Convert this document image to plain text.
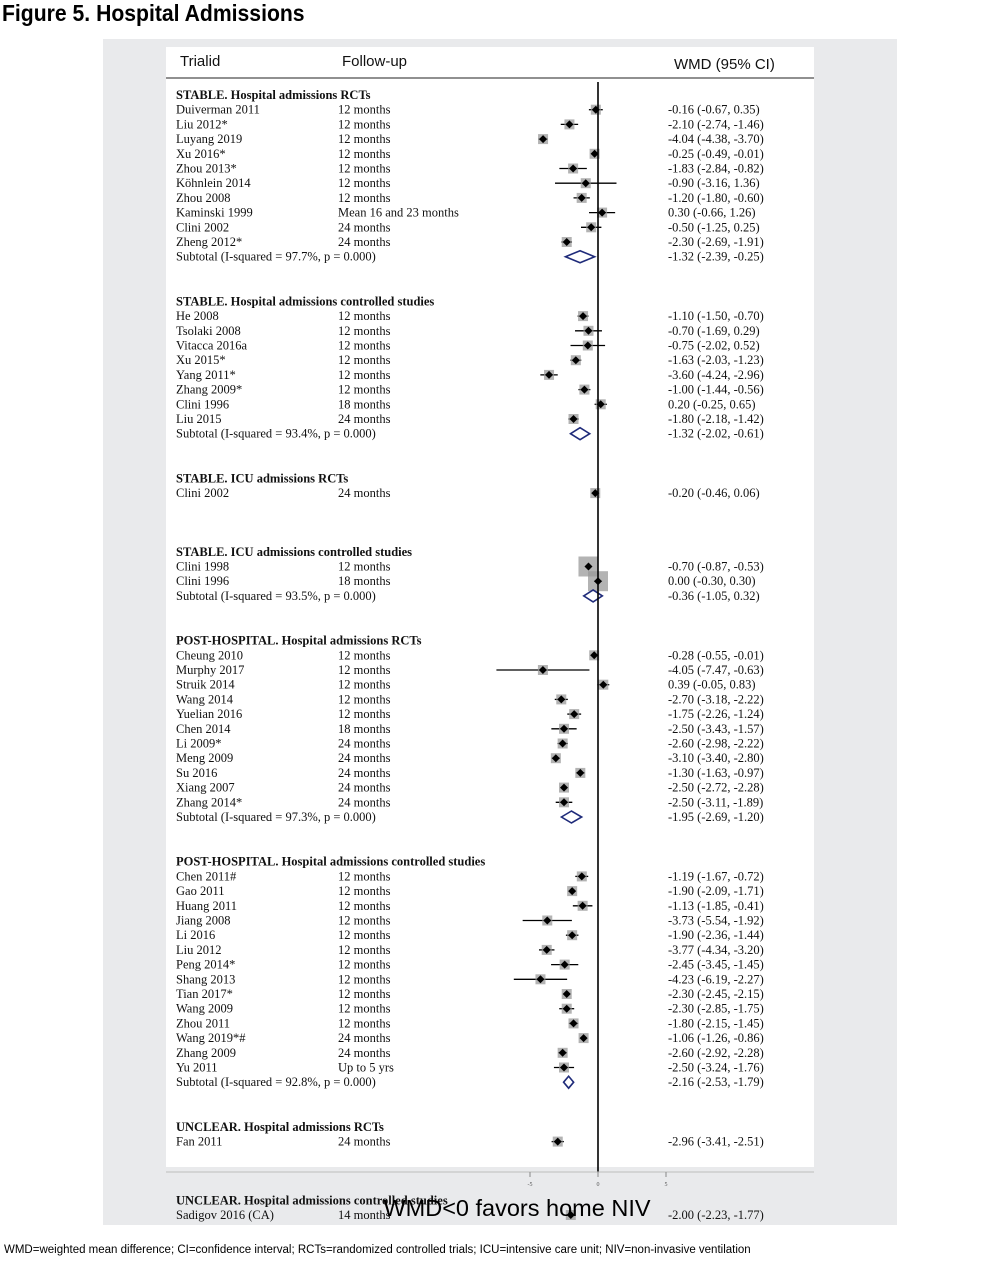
Figure 5. Hospital Admissions
Trialid	Follow-up	WMD (95% CI)
STABLE. Hospital admissions RCTs
Duiverman 2011	12 months	-0.16 (-0.67, 0.35)
Liu 2012*	12 months	-2.10 (-2.74, -1.46)
Luyang 2019	12 months	-4.04 (-4.38, -3.70)
Xu 2016*	12 months	-0.25 (-0.49, -0.01)
Zhou 2013*	12 months	-1.83 (-2.84, -0.82)
Köhnlein 2014	12 months	-0.90 (-3.16, 1.36)
Zhou 2008	12 months	-1.20 (-1.80, -0.60)
Kaminski 1999	Mean 16 and 23 months	0.30 (-0.66, 1.26)
Clini 2002	24 months	-0.50 (-1.25, 0.25)
Zheng 2012*	24 months	-2.30 (-2.69, -1.91)
Subtotal (I-squared = 97.7%, p = 0.000)	-1.32 (-2.39, -0.25)
STABLE. Hospital admissions controlled studies
He 2008	12 months	-1.10 (-1.50, -0.70)
Tsolaki 2008	12 months	-0.70 (-1.69, 0.29)
Vitacca 2016a	12 months	-0.75 (-2.02, 0.52)
Xu 2015*	12 months	-1.63 (-2.03, -1.23)
Yang 2011*	12 months	-3.60 (-4.24, -2.96)
Zhang 2009*	12 months	-1.00 (-1.44, -0.56)
Clini 1996	18 months	0.20 (-0.25, 0.65)
Liu 2015	24 months	-1.80 (-2.18, -1.42)
Subtotal (I-squared = 93.4%, p = 0.000)	-1.32 (-2.02, -0.61)
STABLE. ICU admissions RCTs
Clini 2002	24 months	-0.20 (-0.46, 0.06)
STABLE. ICU admissions controlled studies
Clini 1998	12 months	-0.70 (-0.87, -0.53)
Clini 1996	18 months	0.00 (-0.30, 0.30)
Subtotal (I-squared = 93.5%, p = 0.000)	-0.36 (-1.05, 0.32)
POST-HOSPITAL. Hospital admissions RCTs
Cheung 2010	12 months	-0.28 (-0.55, -0.01)
Murphy 2017	12 months	-4.05 (-7.47, -0.63)
Struik 2014	12 months	0.39 (-0.05, 0.83)
Wang 2014	12 months	-2.70 (-3.18, -2.22)
Yuelian 2016	12 months	-1.75 (-2.26, -1.24)
Chen 2014	18 months	-2.50 (-3.43, -1.57)
Li 2009*	24 months	-2.60 (-2.98, -2.22)
Meng 2009	24 months	-3.10 (-3.40, -2.80)
Su 2016	24 months	-1.30 (-1.63, -0.97)
Xiang 2007	24 months	-2.50 (-2.72, -2.28)
Zhang 2014*	24 months	-2.50 (-3.11, -1.89)
Subtotal (I-squared = 97.3%, p = 0.000)	-1.95 (-2.69, -1.20)
POST-HOSPITAL. Hospital admissions controlled studies
Chen 2011#	12 months	-1.19 (-1.67, -0.72)
Gao 2011	12 months	-1.90 (-2.09, -1.71)
Huang 2011	12 months	-1.13 (-1.85, -0.41)
Jiang 2008	12 months	-3.73 (-5.54, -1.92)
Li 2016	12 months	-1.90 (-2.36, -1.44)
Liu 2012	12 months	-3.77 (-4.34, -3.20)
Peng 2014*	12 months	-2.45 (-3.45, -1.45)
Shang 2013	12 months	-4.23 (-6.19, -2.27)
Tian 2017*	12 months	-2.30 (-2.45, -2.15)
Wang 2009	12 months	-2.30 (-2.85, -1.75)
Zhou 2011	12 months	-1.80 (-2.15, -1.45)
Wang 2019*#	24 months	-1.06 (-1.26, -0.86)
Zhang 2009	24 months	-2.60 (-2.92, -2.28)
Yu 2011	Up to 5 yrs	-2.50 (-3.24, -1.76)
Subtotal (I-squared = 92.8%, p = 0.000)	-2.16 (-2.53, -1.79)
UNCLEAR. Hospital admissions RCTs
Fan 2011	24 months	-2.96 (-3.41, -2.51)
UNCLEAR. Hospital admissions controlled studies
Sadigov 2016 (CA)	14 months	-2.00 (-2.23, -1.77)
-5	0	5
WMD<0 favors home NIV
WMD=weighted mean difference; CI=confidence interval; RCTs=randomized controlled trials; ICU=intensive care unit; NIV=non-invasive ventilation
